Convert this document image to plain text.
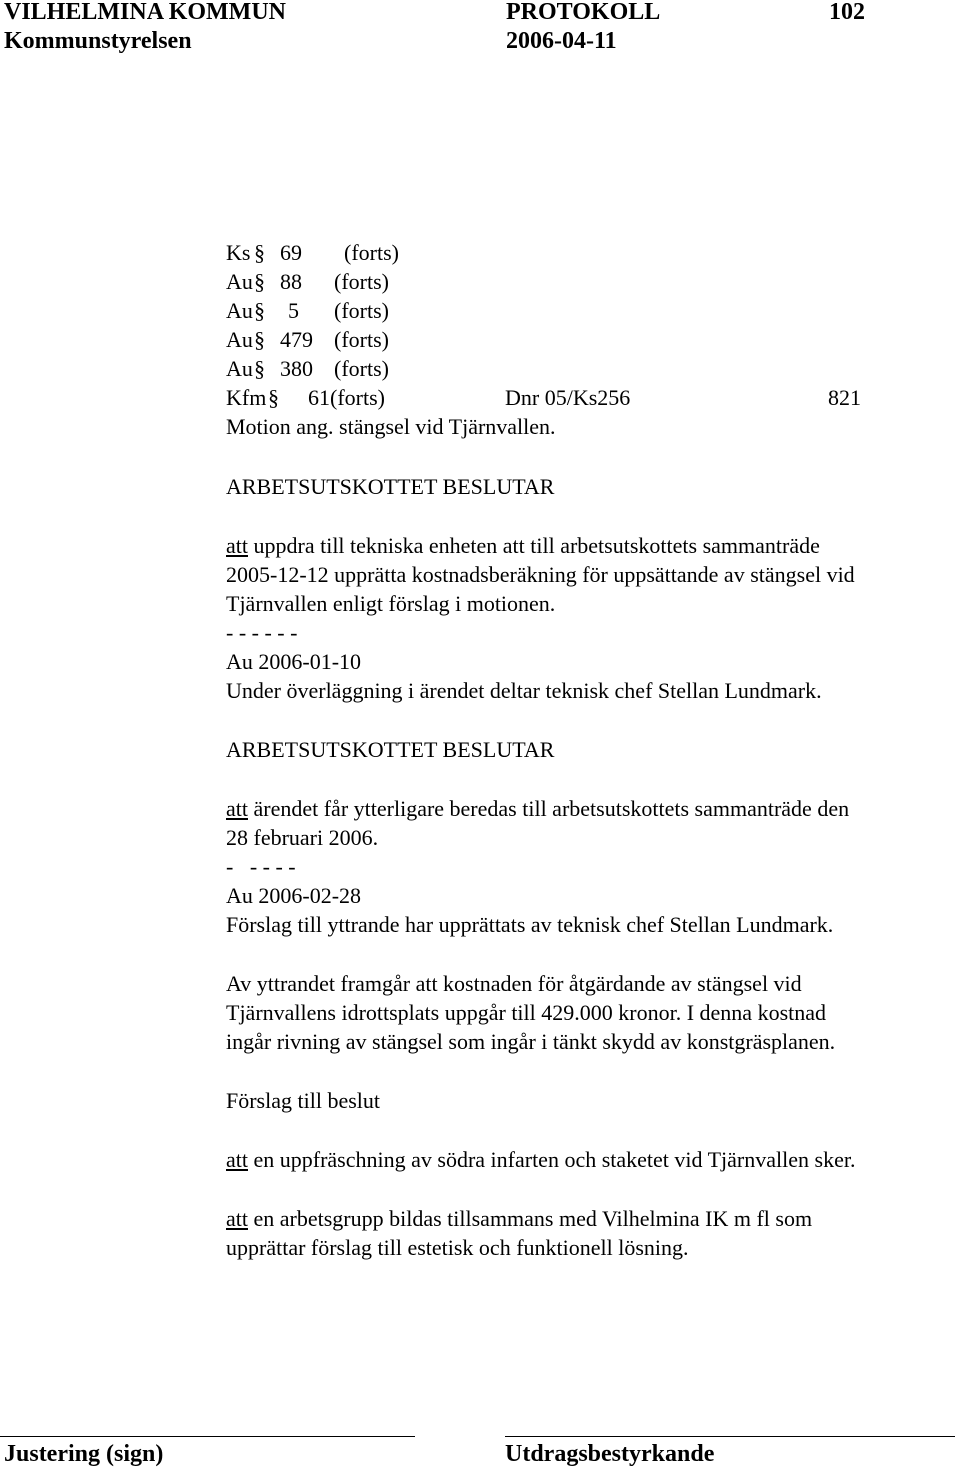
VILHELMINA KOMMUN	PROTOKOLL	102
Kommunstyrelsen	2006-04-11
Ks § 69 (forts)
Au § 88 (forts)
Au § 5 (forts)
Au § 479 (forts)
Au § 380 (forts)
Kfm § 61(forts)	Dnr 05/Ks256	821
Motion ang. stängsel vid Tjärnvallen.
ARBETSUTSKOTTET BESLUTAR
att uppdra till tekniska enheten att till arbetsutskottets sammanträde
2005-12-12 upprätta kostnadsberäkning för uppsättande av stängsel vid
Tjärnvallen enligt förslag i motionen.
- - - - - -
Au 2006-01-10
Under överläggning i ärendet deltar teknisk chef Stellan Lundmark.
ARBETSUTSKOTTET BESLUTAR
att ärendet får ytterligare beredas till arbetsutskottets sammanträde den
28 februari 2006.
-   - - - -
Au 2006-02-28
Förslag till yttrande har upprättats av teknisk chef Stellan Lundmark.
Av yttrandet framgår att kostnaden för åtgärdande av stängsel vid
Tjärnvallens idrottsplats uppgår till 429.000 kronor. I denna kostnad
ingår rivning av stängsel som ingår i tänkt skydd av konstgräsplanen.
Förslag till beslut
att en uppfräschning av södra infarten och staketet vid Tjärnvallen sker.
att en arbetsgrupp bildas tillsammans med Vilhelmina IK m fl som
upprättar förslag till estetisk och funktionell lösning.
Justering (sign)	Utdragsbestyrkande
